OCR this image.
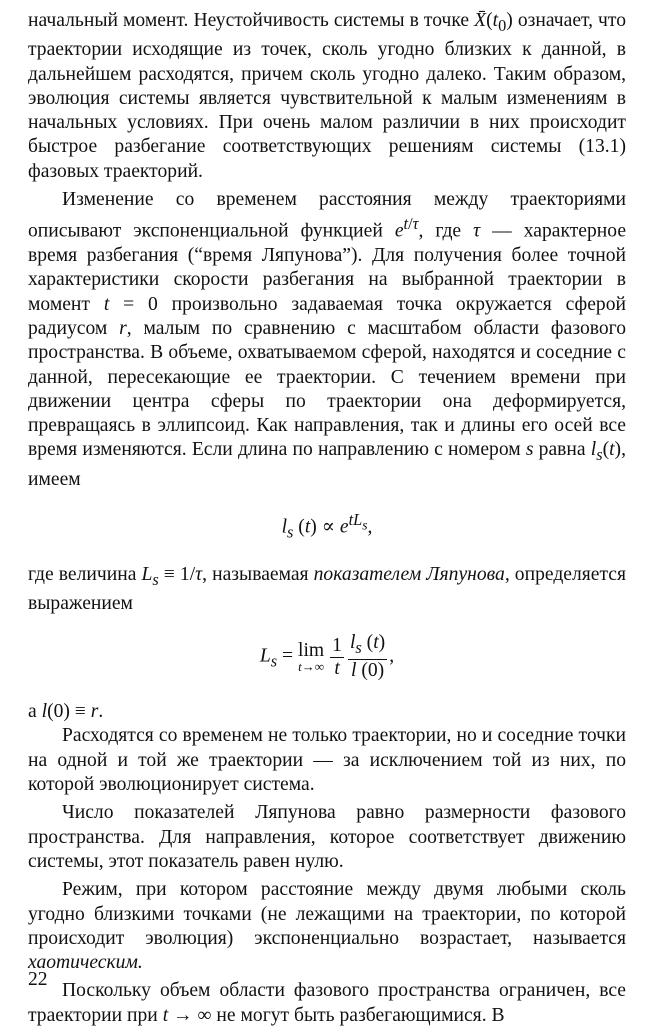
начальный момент. Неустойчивость системы в точке $X̄(t_0)$ означает, что траектории исходящие из точек, сколь угодно близких к данной, в дальнейшем расходятся, причем сколь угодно далеко. Таким образом, эволюция системы является чувствительной к малым изменениям в начальных условиях. При очень малом различии в них происходит быстрое разбегание соответствующих решениям системы (13.1) фазовых траекторий.

Изменение со временем расстояния между траекториями описывают экспоненциальной функцией $e^{t/\tau}$, где τ — характерное время разбегания (“время Ляпунова”). Для получения более точной характеристики скорости разбегания на выбранной траектории в момент t = 0 произвольно задаваемая точка окружается сферой радиусом r, малым по сравнению с масштабом области фазового пространства. В объеме, охватываемом сферой, находятся и соседние с данной, пересекающие ее траектории. С течением времени при движении центра сферы по траектории она деформируется, превращаясь в эллипсоид. Как направления, так и длины его осей все время изменяются. Если длина по направлению с номером s равна $l_s(t)$, имеем

$l_s$ $(t) \propto e^{tL_s}$,

где величина $L_s \equiv 1/\tau$, называемая показателем Ляпунова, определяется выражением

$L_s = \lim$
$t\to\infty \frac{1}{t} \frac{l_s (t)}{l (0)}$ ,

а l(0) ≡ r.

Расходятся со временем не только траектории, но и соседние точки на одной и той же траектории — за исключением той из них, по которой эволюционирует система.

Число показателей Ляпунова равно размерности фазового пространства. Для направления, которое соответствует движению системы, этот показатель равен нулю.

Режим, при котором расстояние между двумя любыми сколь угодно близкими точками (не лежащими на траектории, по которой происходит эволюция) экспоненциально возрастает, называется хаотическим.

Поскольку объем области фазового пространства ограничен, все траектории при t → ∞ не могут быть разбегающимися. В

22
